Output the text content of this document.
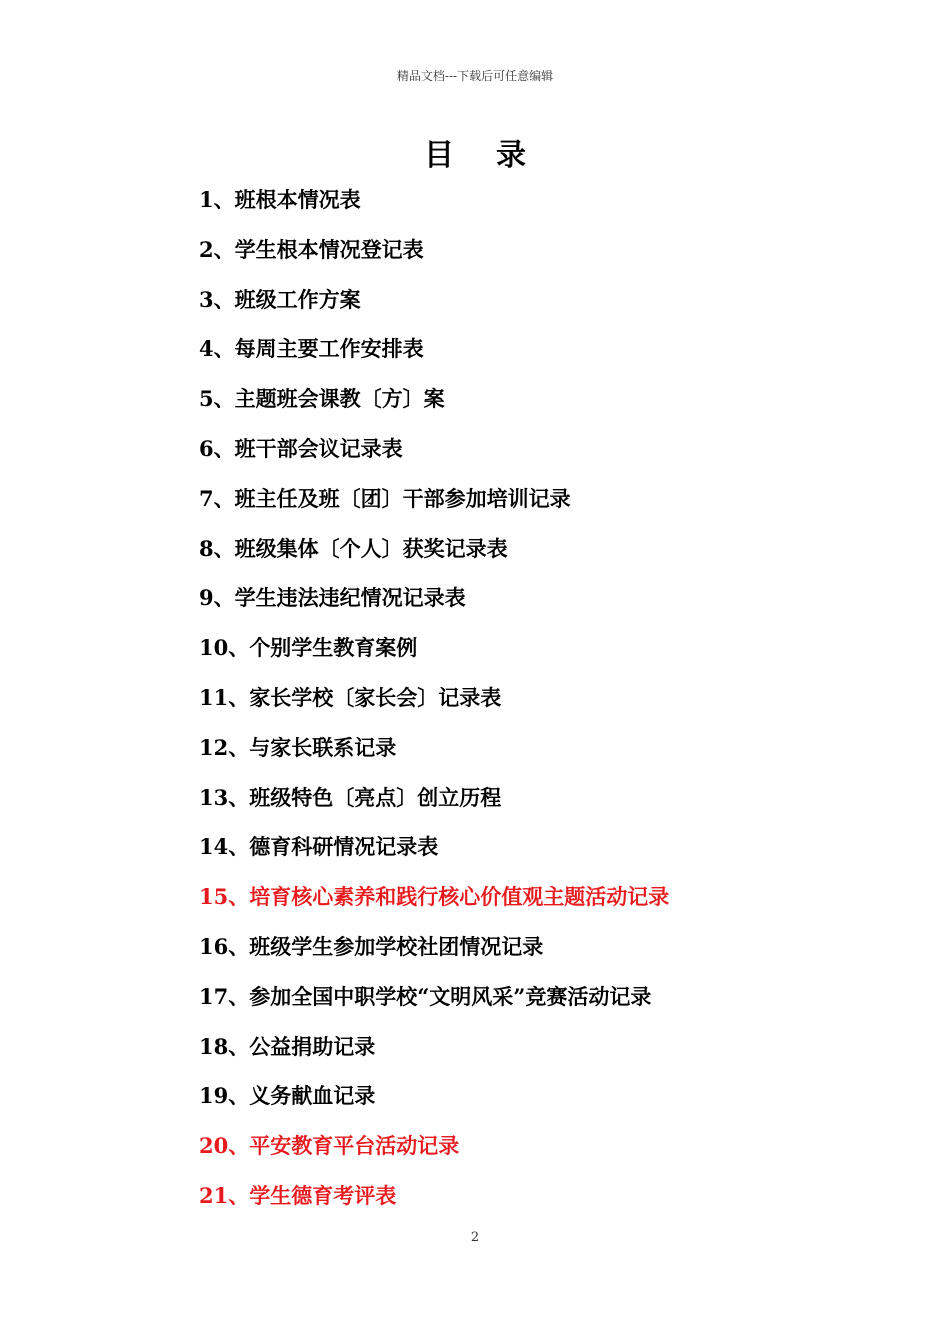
精品文档---下载后可任意编辑
目 录
1、班根本情况表
2、学生根本情况登记表
3、班级工作方案
4、每周主要工作安排表
5、主题班会课教〔方〕案
6、班干部会议记录表
7、班主任及班〔团〕干部参加培训记录
8、班级集体〔个人〕获奖记录表
9、学生违法违纪情况记录表
10、个别学生教育案例
11、家长学校〔家长会〕记录表
12、与家长联系记录
13、班级特色〔亮点〕创立历程
14、德育科研情况记录表
15、培育核心素养和践行核心价值观主题活动记录
16、班级学生参加学校社团情况记录
17、参加全国中职学校“文明风采”竞赛活动记录
18、公益捐助记录
19、义务献血记录
20、平安教育平台活动记录
21、学生德育考评表
2
